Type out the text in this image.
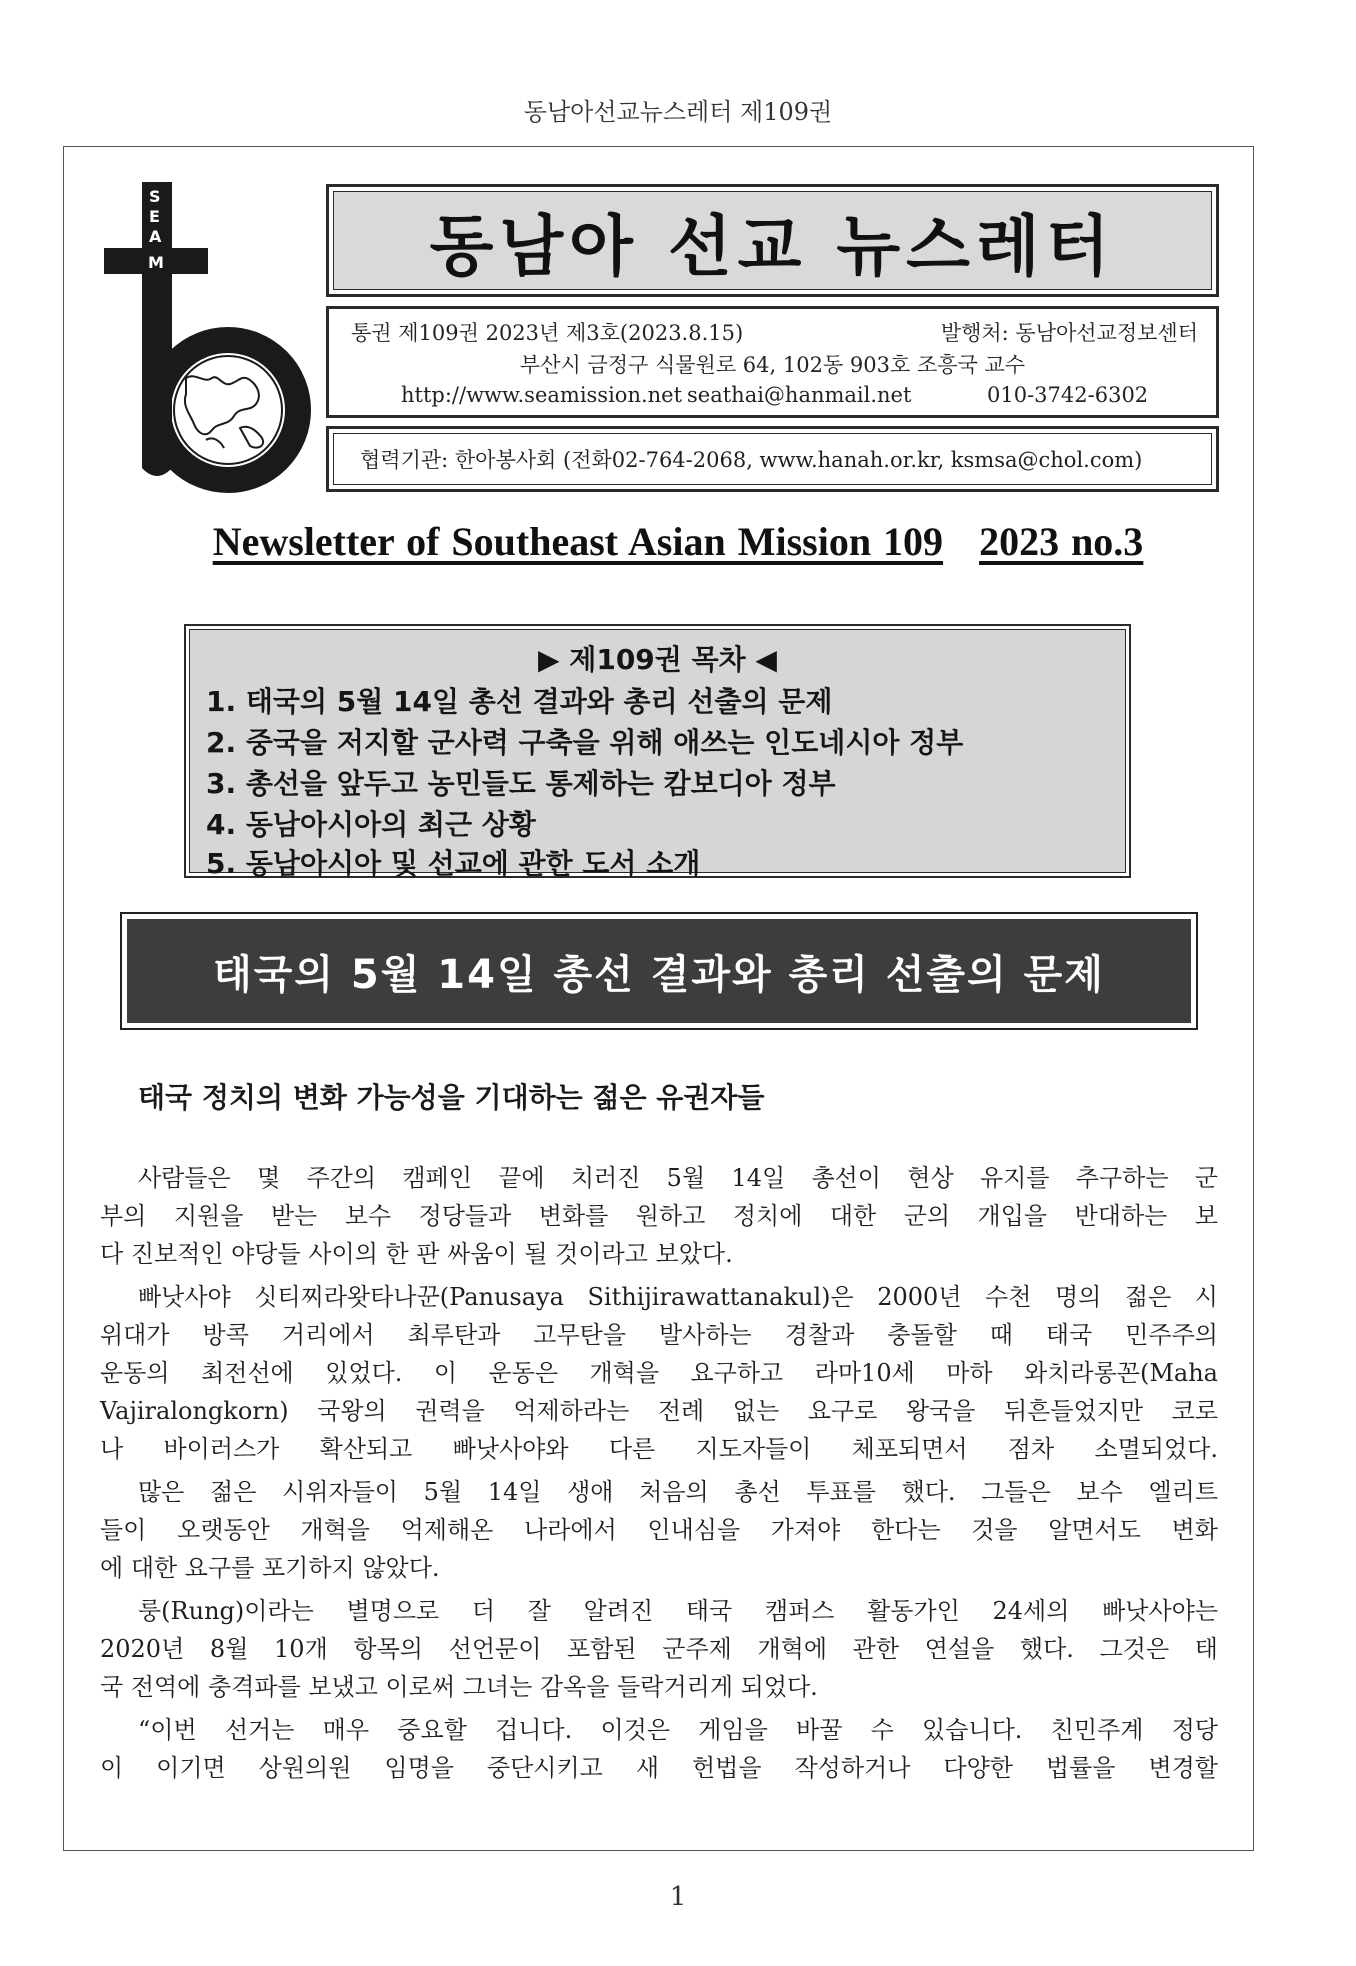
동남아선교뉴스레터 제109권
S
E
A
M	동남아 선교 뉴스레터
통권 제109권 2023년 제3호(2023.8.15)	발행처: 동남아선교정보센터
부산시 금정구 식물원로 64, 102동 903호 조흥국 교수
http://www.seamission.net seathai@hanmail.net	010-3742-6302
협력기관: 한아봉사회 (전화02-764-2068, www.hanah.or.kr, ksmsa@chol.com)
Newsletter of Southeast Asian Mission 109 2023 no.3
▶ 제109권 목차 ◀
1. 태국의 5월 14일 총선 결과와 총리 선출의 문제
2. 중국을 저지할 군사력 구축을 위해 애쓰는 인도네시아 정부
3. 총선을 앞두고 농민들도 통제하는 캄보디아 정부
4. 동남아시아의 최근 상황
5. 동남아시아 및 선교에 관한 도서 소개
태국의 5월 14일 총선 결과와 총리 선출의 문제
태국 정치의 변화 가능성을 기대하는 젊은 유권자들
사람들은 몇 주간의 캠페인 끝에 치러진 5월 14일 총선이 현상 유지를 추구하는 군
부의 지원을 받는 보수 정당들과 변화를 원하고 정치에 대한 군의 개입을 반대하는 보
다 진보적인 야당들 사이의 한 판 싸움이 될 것이라고 보았다.
빠낫사야 싯티찌라왓타나꾼(Panusaya Sithijirawattanakul)은 2000년 수천 명의 젊은 시
위대가 방콕 거리에서 최루탄과 고무탄을 발사하는 경찰과 충돌할 때 태국 민주주의
운동의 최전선에 있었다. 이 운동은 개혁을 요구하고 라마10세 마하 와치라롱꼰(Maha
Vajiralongkorn) 국왕의 권력을 억제하라는 전례 없는 요구로 왕국을 뒤흔들었지만 코로
나 바이러스가 확산되고 빠낫사야와 다른 지도자들이 체포되면서 점차 소멸되었다.
많은 젊은 시위자들이 5월 14일 생애 처음의 총선 투표를 했다. 그들은 보수 엘리트
들이 오랫동안 개혁을 억제해온 나라에서 인내심을 가져야 한다는 것을 알면서도 변화
에 대한 요구를 포기하지 않았다.
룽(Rung)이라는 별명으로 더 잘 알려진 태국 캠퍼스 활동가인 24세의 빠낫사야는
2020년 8월 10개 항목의 선언문이 포함된 군주제 개혁에 관한 연설을 했다. 그것은 태
국 전역에 충격파를 보냈고 이로써 그녀는 감옥을 들락거리게 되었다.
“이번 선거는 매우 중요할 겁니다. 이것은 게임을 바꿀 수 있습니다. 친민주계 정당
이 이기면 상원의원 임명을 중단시키고 새 헌법을 작성하거나 다양한 법률을 변경할
1
